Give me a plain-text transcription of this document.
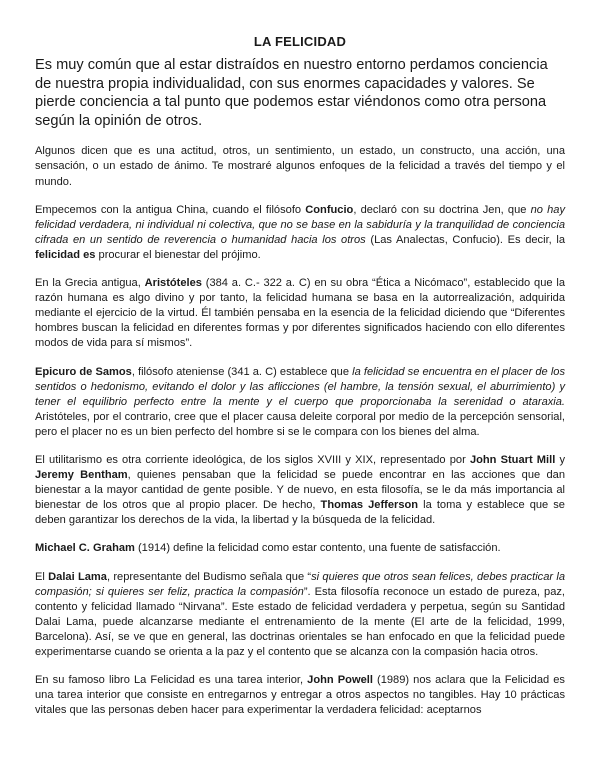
LA FELICIDAD

Es muy común que al estar distraídos en nuestro entorno perdamos conciencia de nuestra propia individualidad, con sus enormes capacidades y valores. Se pierde conciencia a tal punto que podemos estar viéndonos como otra persona según la opinión de otros.

Algunos dicen que es una actitud, otros, un sentimiento, un estado, un constructo, una acción, una sensación, o un estado de ánimo. Te mostraré algunos enfoques de la felicidad a través del tiempo y el mundo.

Empecemos con la antigua China, cuando el filósofo Confucio, declaró con su doctrina Jen, que no hay felicidad verdadera, ni individual ni colectiva, que no se base en la sabiduría y la tranquilidad de conciencia cifrada en un sentido de reverencia o humanidad hacia los otros (Las Analectas, Confucio). Es decir, la felicidad es procurar el bienestar del prójimo.

En la Grecia antigua, Aristóteles (384 a. C.- 322 a. C) en su obra “Ética a Nicómaco”, establecido que la razón humana es algo divino y por tanto, la felicidad humana se basa en la autorrealización, adquirida mediante el ejercicio de la virtud. Él también pensaba en la esencia de la felicidad diciendo que “Diferentes hombres buscan la felicidad en diferentes formas y por diferentes significados haciendo con ello diferentes modos de vida para sí mismos”.

Epicuro de Samos, filósofo ateniense (341 a. C) establece que la felicidad se encuentra en el placer de los sentidos o hedonismo, evitando el dolor y las aflicciones (el hambre, la tensión sexual, el aburrimiento) y tener el equilibrio perfecto entre la mente y el cuerpo que proporcionaba la serenidad o ataraxia. Aristóteles, por el contrario, cree que el placer causa deleite corporal por medio de la percepción sensorial, pero el placer no es un bien perfecto del hombre si se le compara con los bienes del alma.

El utilitarismo es otra corriente ideológica, de los siglos XVIII y XIX, representado por John Stuart Mill y Jeremy Bentham, quienes pensaban que la felicidad se puede encontrar en las acciones que dan bienestar a la mayor cantidad de gente posible. Y de nuevo, en esta filosofía, se le da más importancia al bienestar de los otros que al propio placer. De hecho, Thomas Jefferson la toma y establece que se deben garantizar los derechos de la vida, la libertad y la búsqueda de la felicidad.

Michael C. Graham (1914) define la felicidad como estar contento, una fuente de satisfacción.

El Dalai Lama, representante del Budismo señala que “si quieres que otros sean felices, debes practicar la compasión; si quieres ser feliz, practica la compasión”. Esta filosofía reconoce un estado de pureza, paz, contento y felicidad llamado “Nirvana”. Este estado de felicidad verdadera y perpetua, según su Santidad Dalai Lama, puede alcanzarse mediante el entrenamiento de la mente (El arte de la felicidad, 1999, Barcelona). Así, se ve que en general, las doctrinas orientales se han enfocado en que la felicidad puede experimentarse cuando se orienta a la paz y el contento que se alcanza con la compasión hacia otros.

En su famoso libro La Felicidad es una tarea interior, John Powell (1989) nos aclara que la Felicidad es una tarea interior que consiste en entregarnos y entregar a otros aspectos no tangibles. Hay 10 prácticas vitales que las personas deben hacer para experimentar la verdadera felicidad: aceptarnos
